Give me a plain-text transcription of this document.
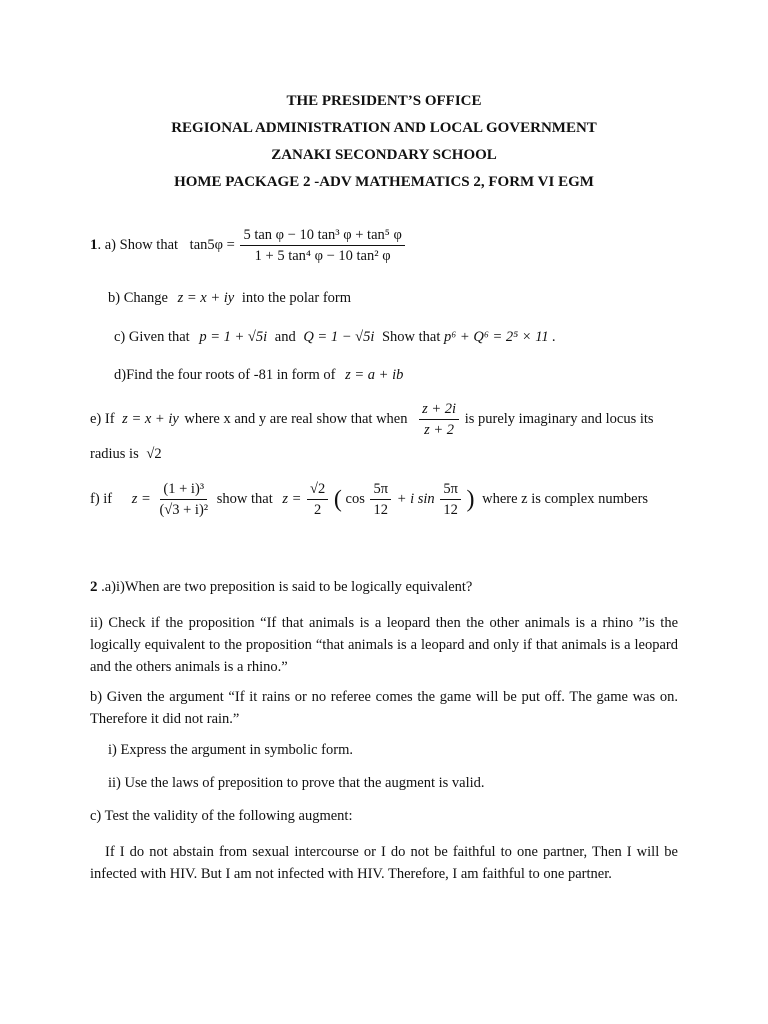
THE PRESIDENT’S OFFICE
REGIONAL ADMINISTRATION AND LOCAL GOVERNMENT
ZANAKI SECONDARY SCHOOL
HOME PACKAGE 2 -ADV MATHEMATICS 2, FORM VI EGM
1. a) Show that $\tan 5\varphi = \frac{\text{5 tan φ − 10 tan³ φ + tan⁵ φ}}{\text{1 + 5 tan⁴ φ − 10 tan² φ}}$
b) Change z = x + iy into the polar form
c) Given that p = 1 + √5i and Q = 1 − √5i Show that p⁶ + Q⁶ = 2⁵ × 11 .
d)Find the four roots of -81 in form of z = a + ib
e) If z = x + iy where x and y are real show that when $\frac{z + 2i}{z + 2}$ is purely imaginary and locus its
radius is √2
f) if $z = \frac{\text{(1 + i)³}}{\text{(√3 + i)²}}$ show that $z = \frac{√2}{2}$ ( $\cos \frac{5\pi}{12} + i$ $\sin \frac{5\pi}{12}$ ) where z is complex numbers
2 .a)i)When are two preposition is said to be logically equivalent?
ii) Check if the proposition “If that animals is a leopard then the other animals is a rhino ”is the logically equivalent to the proposition “that animals is a leopard and only if that animals is a leopard and the others animals is a rhino.”
b) Given the argument “If it rains or no referee comes the game will be put off. The game was on. Therefore it did not rain.”
i) Express the argument in symbolic form.
ii) Use the laws of preposition to prove that the augment is valid.
c) Test the validity of the following augment:
If I do not abstain from sexual intercourse or I do not be faithful to one partner, Then I will be infected with HIV. But I am not infected with HIV. Therefore, I am faithful to one partner.
